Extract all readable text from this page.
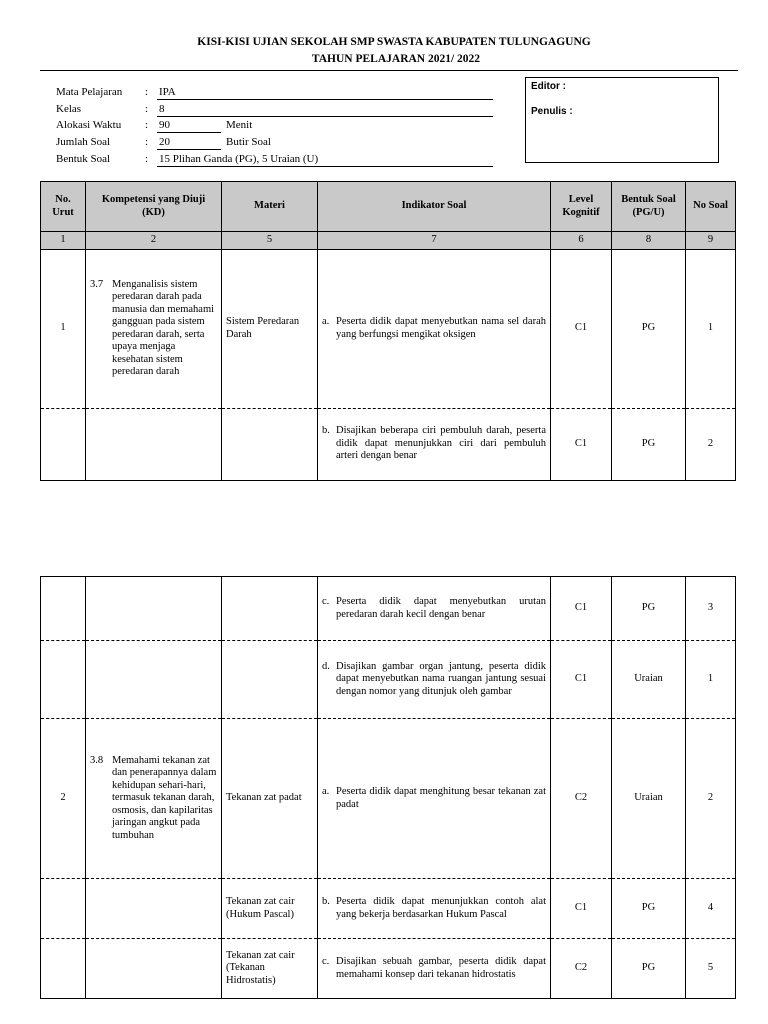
KISI-KISI UJIAN SEKOLAH SMP SWASTA KABUPATEN TULUNGAGUNG
TAHUN PELAJARAN 2021/ 2022
Mata Pelajaran : IPA
Kelas	: 8
Alokasi Waktu : 90	Menit
Jumlah Soal	: 20	Butir Soal
Bentuk Soal	: 15 Plihan Ganda (PG), 5 Uraian (U)
Editor :
Penulis :
No. Urut	Kompetensi yang Diuji (KD)	Materi	Indikator Soal	Level Kognitif	Bentuk Soal (PG/U)	No Soal
1	2	5	7	6	8	9
1	3.7 Menganalisis sistem peredaran darah pada manusia dan memahami gangguan pada sistem peredaran darah, serta upaya menjaga kesehatan sistem peredaran darah	Sistem Peredaran Darah	a. Peserta didik dapat menyebutkan nama sel darah yang berfungsi mengikat oksigen	C1	PG	1

			b. Disajikan beberapa ciri pembuluh darah, peserta didik dapat menunjukkan ciri dari pembuluh arteri dengan benar	C1	PG	2

			c. Peserta didik dapat menyebutkan urutan peredaran darah kecil dengan benar	C1	PG	3

			d. Disajikan gambar organ jantung, peserta didik dapat menyebutkan nama ruangan jantung sesuai dengan nomor yang ditunjuk oleh gambar	C1	Uraian	1
2	3.8 Memahami tekanan zat dan penerapannya dalam kehidupan sehari-hari, termasuk tekanan darah, osmosis, dan kapilaritas jaringan angkut pada tumbuhan	Tekanan zat padat	a. Peserta didik dapat menghitung besar tekanan zat padat	C2	Uraian	2
		Tekanan zat cair (Hukum Pascal)	b. Peserta didik dapat menunjukkan contoh alat yang bekerja berdasarkan Hukum Pascal	C1	PG	4
		Tekanan zat cair (Tekanan Hidrostatis)	c. Disajikan sebuah gambar, peserta didik dapat memahami konsep dari tekanan hidrostatis	C2	PG	5
